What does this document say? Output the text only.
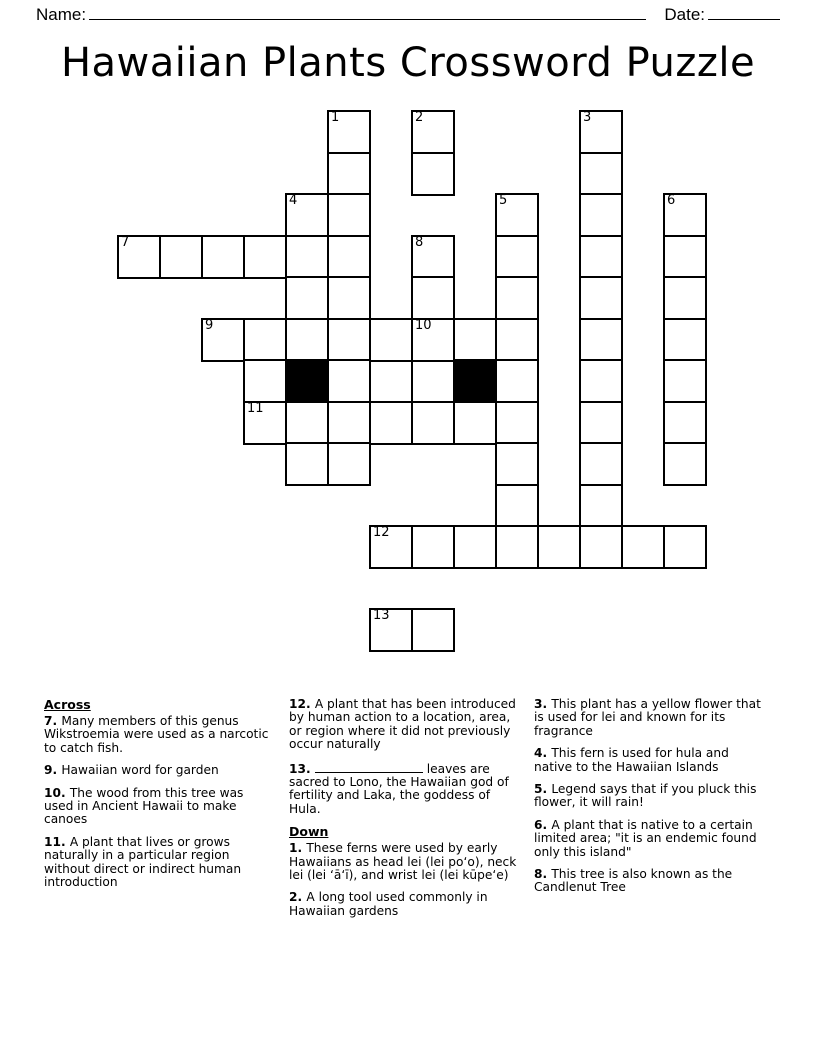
Name:	Date:
Hawaiian Plants Crossword Puzzle
1	2	3
4	5	6
7	8
9
11
12
13
10
Across
7. Many members of this genus Wikstroemia were used as a narcotic to catch fish.
9. Hawaiian word for garden
10. The wood from this tree was used in Ancient Hawaii to make canoes
11. A plant that lives or grows naturally in a particular region without direct or indirect human introduction
12. A plant that has been introduced by human action to a location, area, or region where it did not previously occur naturally
13.	leaves are sacred to Lono, the Hawaiian god of fertility and Laka, the goddess of Hula.
Down
1. These ferns were used by early Hawaiians as head lei (lei po‘o), neck lei (lei ‘āʻī), and wrist lei (lei kūpe‘e)
2. A long tool used commonly in Hawaiian gardens
3. This plant has a yellow flower that is used for lei and known for its fragrance
4. This fern is used for hula and native to the Hawaiian Islands
5. Legend says that if you pluck this flower, it will rain!
6. A plant that is native to a certain limited area; "it is an endemic found only this island"
8. This tree is also known as the Candlenut Tree
